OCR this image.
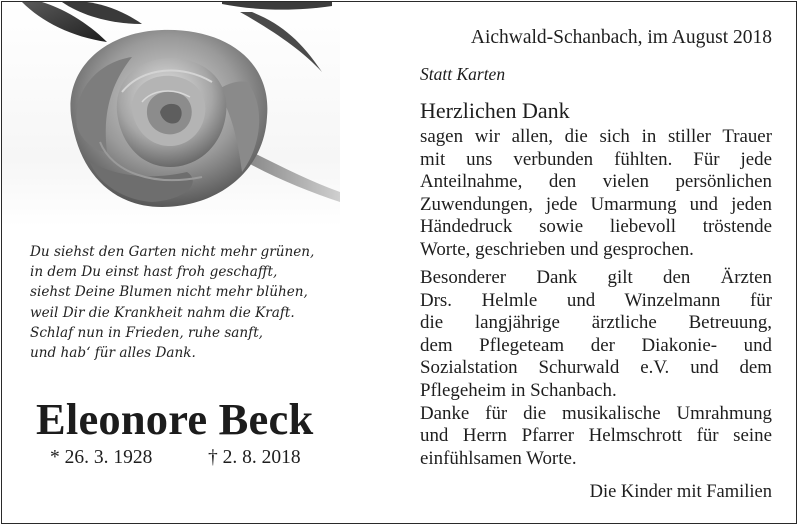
Du siehst den Garten nicht mehr grünen,
in dem Du einst hast froh geschafft,
siehst Deine Blumen nicht mehr blühen,
weil Dir die Krankheit nahm die Kraft.
Schlaf nun in Frieden, ruhe sanft,
und hab‘ für alles Dank.
Eleonore Beck
* 26. 3. 1928	† 2. 8. 2018
Aichwald-Schanbach, im August 2018
Statt Karten
Herzlichen Dank
sagen wir allen, die sich in stiller Trauer
mit uns verbunden fühlten. Für jede
Anteilnahme, den vielen persönlichen
Zuwendungen, jede Umarmung und jeden
Händedruck sowie liebevoll tröstende
Worte, geschrieben und gesprochen.
Besonderer Dank gilt den Ärzten
Drs. Helmle und Winzelmann für
die langjährige ärztliche Betreuung,
dem Pflegeteam der Diakonie- und
Sozialstation Schurwald e.V. und dem
Pflegeheim in Schanbach.
Danke für die musikalische Umrahmung
und Herrn Pfarrer Helmschrott für seine
einfühlsamen Worte.
Die Kinder mit Familien
